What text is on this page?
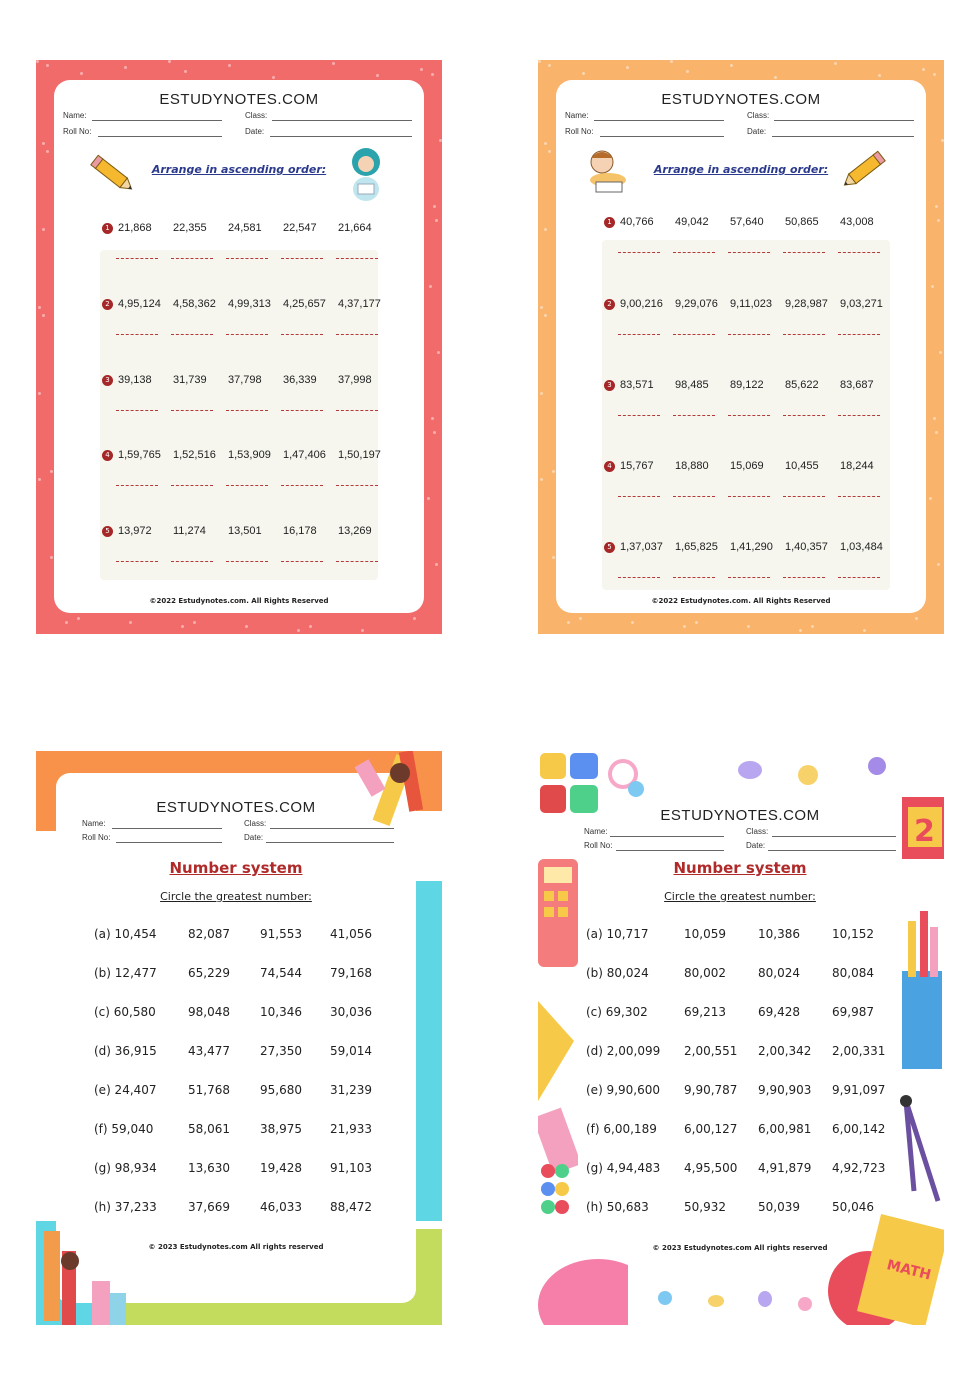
ESTUDYNOTES.COM
Name:	Class:
Roll No:	Date:
Arrange in ascending order:
1 21,868 22,355 24,581 22,547 21,664
2 4,95,124 4,58,362 4,99,313 4,25,657 4,37,177
3 39,138 31,739 37,798 36,339 37,998
4 1,59,765 1,52,516 1,53,909 1,47,406 1,50,197
5 13,972 11,274 13,501 16,178 13,269
©2022 Estudynotes.com. All Rights Reserved
ESTUDYNOTES.COM
Name:	Class:
Roll No:	Date:
Arrange in ascending order:
1 40,766 49,042 57,640 50,865 43,008
2 9,00,216 9,29,076 9,11,023 9,28,987 9,03,271
3 83,571 98,485 89,122 85,622 83,687
4 15,767 18,880 15,069 10,455 18,244
5 1,37,037 1,65,825 1,41,290 1,40,357 1,03,484
©2022 Estudynotes.com. All Rights Reserved
ESTUDYNOTES.COM
Name:	Class:
Roll No:	Date:
Number system
Circle the greatest number:
(a) 10,454	82,087	91,553 41,056
(b) 12,477	65,229	74,544 79,168
(c) 60,580	98,048	10,346 30,036
(d) 36,915	43,477	27,350 59,014
(e) 24,407	51,768	95,680 31,239
(f) 59,040	58,061	38,975 21,933
(g) 98,934	13,630	19,428 91,103
(h) 37,233	37,669	46,033 88,472
© 2023 Estudynotes.com All rights reserved
2
MATH
ESTUDYNOTES.COM
Name:	Class:
Roll No:	Date:
Number system
Circle the greatest number:
(a) 10,717	10,059	10,386	10,152
(b) 80,024	80,002	80,024	80,084
(c) 69,302	69,213	69,428	69,987
(d) 2,00,099 2,00,551 2,00,342 2,00,331
(e) 9,90,600 9,90,787 9,90,903 9,91,097
(f) 6,00,189 6,00,127 6,00,981 6,00,142
(g) 4,94,483 4,95,500 4,91,879 4,92,723
(h) 50,683	50,932	50,039	50,046
© 2023 Estudynotes.com All rights reserved
